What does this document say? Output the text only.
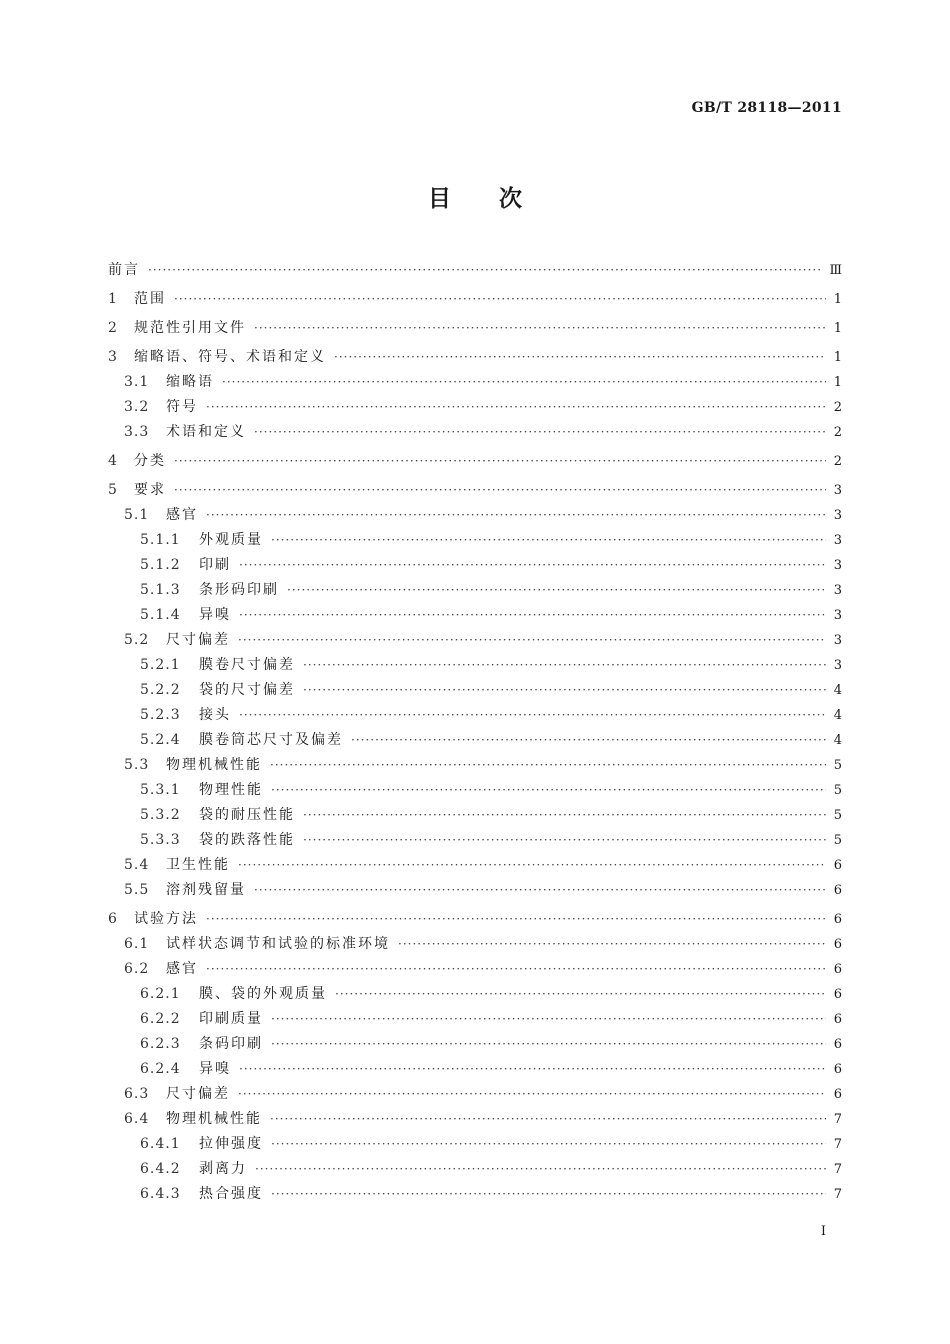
GB/T 28118—2011
目 次
前言 ·····	Ⅲ
1	范围 ·····	1
2	规范性引用文件 ·····	1
3	缩略语、符号、术语和定义 ·····	1
3.1	缩略语 ·····	1
3.2	符号 ·····	2
3.3	术语和定义 ·····	2
4	分类 ·····	2
5	要求 ·····	3
5.1	感官 ·····	3
5.1.1	外观质量 ·····	3
5.1.2	印刷 ·····	3
5.1.3	条形码印刷 ·····	3
5.1.4	异嗅 ·····	3
5.2	尺寸偏差 ·····	3
5.2.1	膜卷尺寸偏差 ·····	3
5.2.2	袋的尺寸偏差 ·····	4
5.2.3	接头 ·····	4
5.2.4	膜卷筒芯尺寸及偏差 ·····	4
5.3	物理机械性能 ·····	5
5.3.1	物理性能 ·····	5
5.3.2	袋的耐压性能 ·····	5
5.3.3	袋的跌落性能 ·····	5
5.4	卫生性能 ·····	6
5.5	溶剂残留量 ·····	6
6	试验方法 ·····	6
6.1	试样状态调节和试验的标准环境 ·····	6
6.2	感官 ·····	6
6.2.1	膜、袋的外观质量 ·····	6
6.2.2	印刷质量 ·····	6
6.2.3	条码印刷 ·····	6
6.2.4	异嗅 ·····	6
6.3	尺寸偏差 ·····	6
6.4	物理机械性能 ·····	7
6.4.1	拉伸强度 ·····	7
6.4.2	剥离力 ·····	7
6.4.3	热合强度 ·····	7
I
